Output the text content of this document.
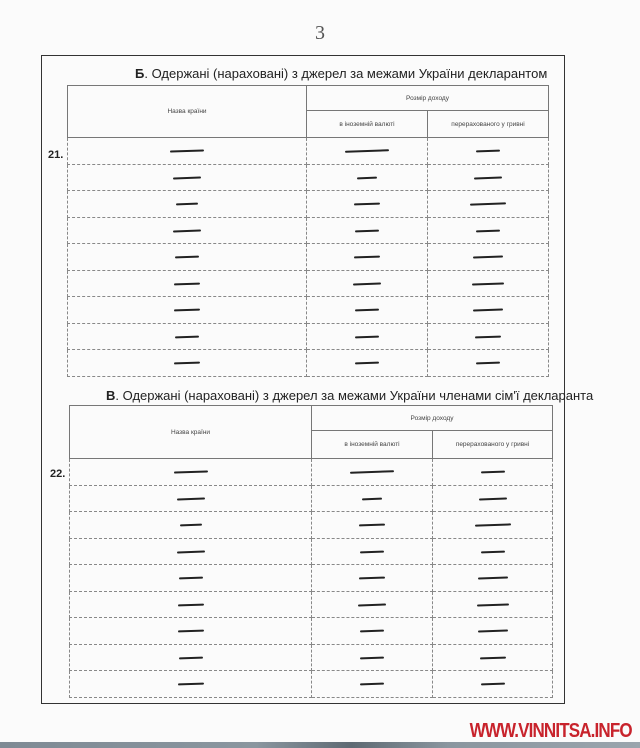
3
Б. Одержані (нараховані) з джерел за межами України декларантом
Назва країни	Розмір доходу	
	в іноземній валюті	перерахованого у гривні

21.
В. Одержані (нараховані) з джерел за межами України членами сім'ї декларанта
Назва країни	Розмір доходу	
	в іноземній валюті	перерахованого у гривні

22.
WWW.VINNITSA.INFO
